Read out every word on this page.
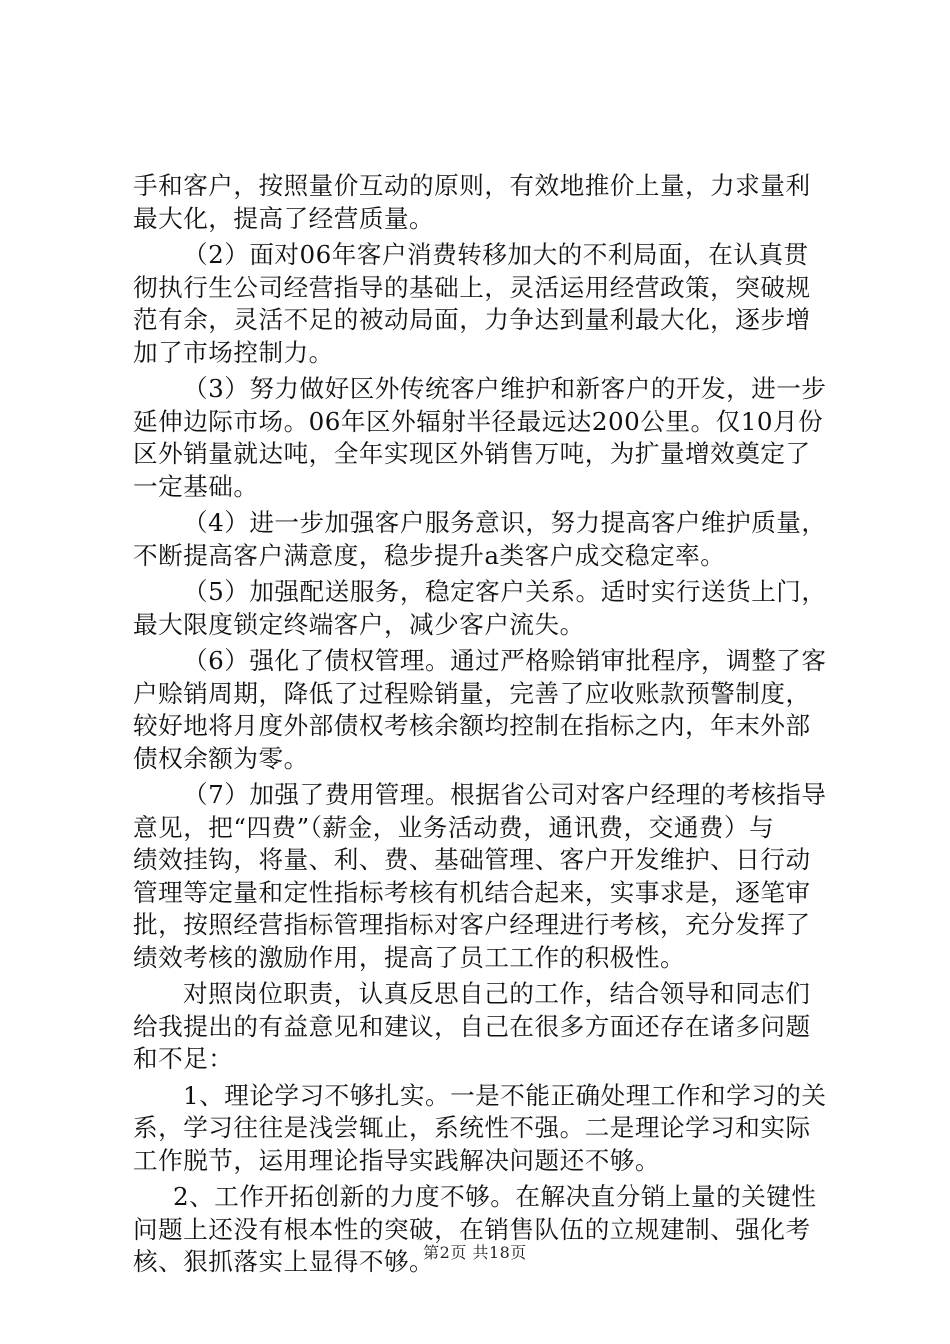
手和客户，按照量价互动的原则，有效地推价上量，力求量利
最大化，提高了经营质量。
（2）面对06年客户消费转移加大的不利局面，在认真贯
彻执行生公司经营指导的基础上，灵活运用经营政策，突破规
范有余，灵活不足的被动局面，力争达到量利最大化，逐步增
加了市场控制力。
（3）努力做好区外传统客户维护和新客户的开发，进一步
延伸边际市场。06年区外辐射半径最远达200公里。仅10月份
区外销量就达吨，全年实现区外销售万吨，为扩量增效奠定了
一定基础。
（4）进一步加强客户服务意识，努力提高客户维护质量，
不断提高客户满意度，稳步提升a类客户成交稳定率。
（5）加强配送服务，稳定客户关系。适时实行送货上门，
最大限度锁定终端客户，减少客户流失。
（6）强化了债权管理。通过严格赊销审批程序，调整了客
户赊销周期，降低了过程赊销量，完善了应收账款预警制度，
较好地将月度外部债权考核余额均控制在指标之内，年末外部
债权余额为零。
（7）加强了费用管理。根据省公司对客户经理的考核指导
意见，把“四费”（薪金，业务活动费，通讯费，交通费）与
绩效挂钩，将量、利、费、基础管理、客户开发维护、日行动
管理等定量和定性指标考核有机结合起来，实事求是，逐笔审
批，按照经营指标管理指标对客户经理进行考核，充分发挥了
绩效考核的激励作用，提高了员工工作的积极性。
对照岗位职责，认真反思自己的工作，结合领导和同志们
给我提出的有益意见和建议，自己在很多方面还存在诸多问题
和不足：
1、理论学习不够扎实。一是不能正确处理工作和学习的关
系，学习往往是浅尝辄止，系统性不强。二是理论学习和实际
工作脱节，运用理论指导实践解决问题还不够。
2、工作开拓创新的力度不够。在解决直分销上量的关键性
问题上还没有根本性的突破，在销售队伍的立规建制、强化考
核、狠抓落实上显得不够。
第2页 共18页
